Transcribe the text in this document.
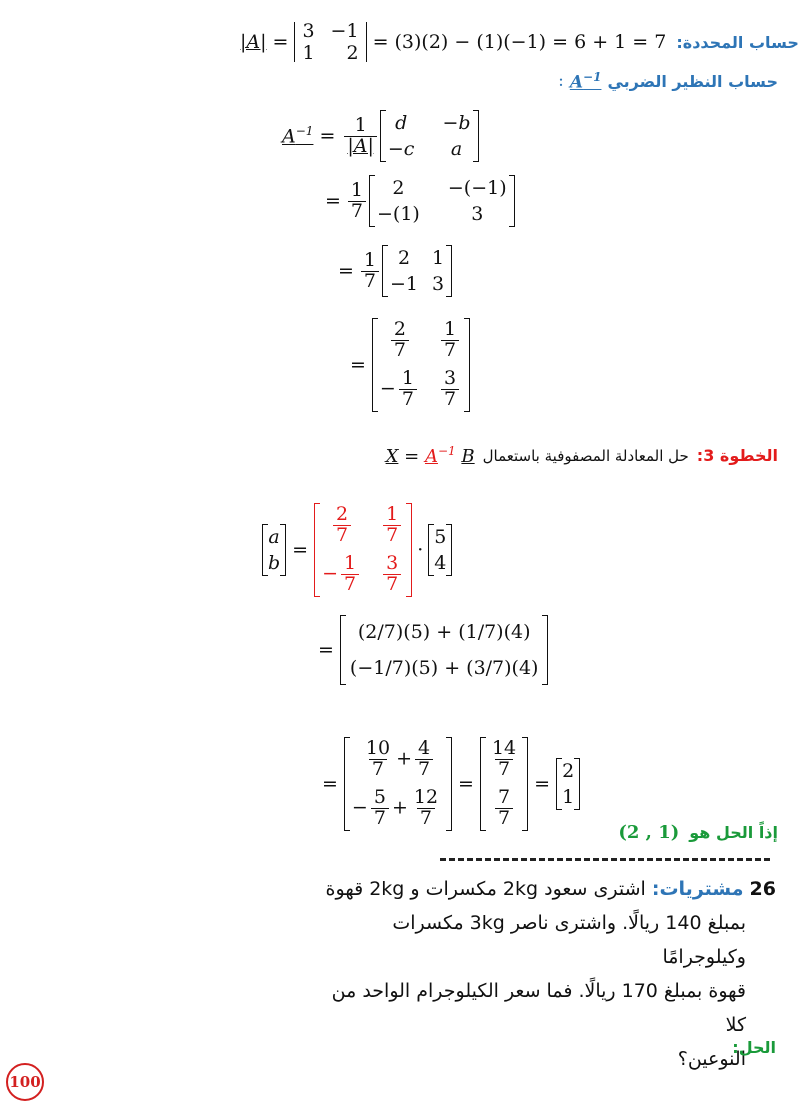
|A| = 3 −1
1	2 = (3)(2) − (1)(−1) = 6 + 1 = 7 حساب المحددة:
: $A^{-1}$ حساب النظير الضربي
$A^{-1} = \frac{1}{|A|}$ d	−b
−c	a
= $\frac{1}{7}$	2	−(−1)
−(1)	3
= $\frac{1}{7} 2$	1
−1 3
=
$\frac{2}{7} \frac{1}{7}$
− $\frac{1}{7} \frac{3}{7}$
$X = A^{-1}$ B حل المعادلة المصفوفية باستعمال الخطوة 3:
a
b
=
$\frac{2}{7} \frac{1}{7}$
− $\frac{1}{7} \frac{3}{7}$
·
5
4
=
(2/7)(5) + (1/7)(4)
(−1/7)(5) + (3/7)(4)
=
$\frac{10}{7} + \frac{4}{7}$
− $\frac{5}{7} + \frac{12}{7}$
=
$\frac{14}{7}$
$\frac{7}{7}$
=
2
1
(2 , 1) إذاً الحل هو
26 مشتريات: اشترى سعود 2kg مكسرات و 2kg قهوة
بمبلغ 140 ريالًا. واشترى ناصر 3kg مكسرات وكيلوجرامًا
قهوة بمبلغ 170 ريالًا. فما سعر الكيلوجرام الواحد من كلا
النوعين؟
الحل:
100
